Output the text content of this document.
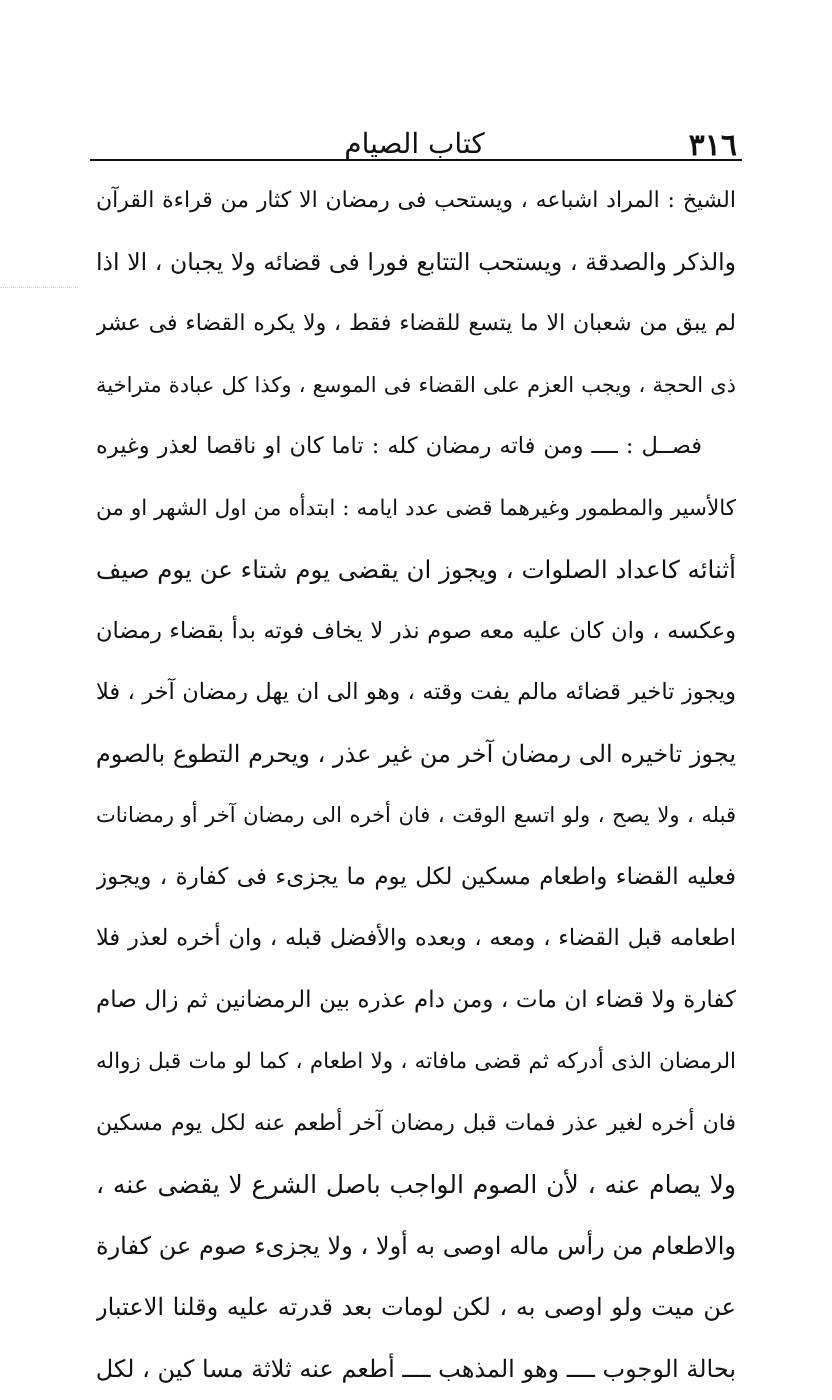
٣١٦
كتاب الصيام
الشيخ : المراد اشباعه ، ويستحب فى رمضان الا كثار من قراءة القرآن
والذكر والصدقة ، ويستحب التتابع فورا فى قضائه ولا يجبان ، الا اذا
لم يبق من شعبان الا ما يتسع للقضاء فقط ، ولا يكره القضاء فى عشر
ذى الحجة ، ويجب العزم على القضاء فى الموسع ، وكذا كل عبادة متراخية
فصــل : ــــ ومن فاته رمضان كله : تاما كان او ناقصا لعذر وغيره
كالأسير والمطمور وغيرهما قضى عدد ايامه : ابتدأه من اول الشهر او من
أثنائه كاعداد الصلوات ، ويجوز ان يقضى يوم شتاء عن يوم صيف
وعكسه ، وان كان عليه معه صوم نذر لا يخاف فوته بدأ بقضاء رمضان
ويجوز تاخير قضائه مالم يفت وقته ، وهو الى ان يهل رمضان آخر ، فلا
يجوز تاخيره الى رمضان آخر من غير عذر ، ويحرم التطوع بالصوم
قبله ، ولا يصح ، ولو اتسع الوقت ، فان أخره الى رمضان آخر أو رمضانات
فعليه القضاء واطعام مسكين لكل يوم ما يجزىء فى كفارة ، ويجوز
اطعامه قبل القضاء ، ومعه ، وبعده والأفضل قبله ، وان أخره لعذر فلا
كفارة ولا قضاء ان مات ، ومن دام عذره بين الرمضانين ثم زال صام
الرمضان الذى أدركه ثم قضى مافاته ، ولا اطعام ، كما لو مات قبل زواله
فان أخره لغير عذر فمات قبل رمضان آخر أطعم عنه لكل يوم مسكين
ولا يصام عنه ، لأن الصوم الواجب باصل الشرع لا يقضى عنه ،
والاطعام من رأس ماله اوصى به أولا ، ولا يجزىء صوم عن كفارة
عن ميت ولو اوصى به ، لكن لومات بعد قدرته عليه وقلنا الاعتبار
بحالة الوجوب ــــ وهو المذهب ــــ أطعم عنه ثلاثة مسا كين ، لكل
